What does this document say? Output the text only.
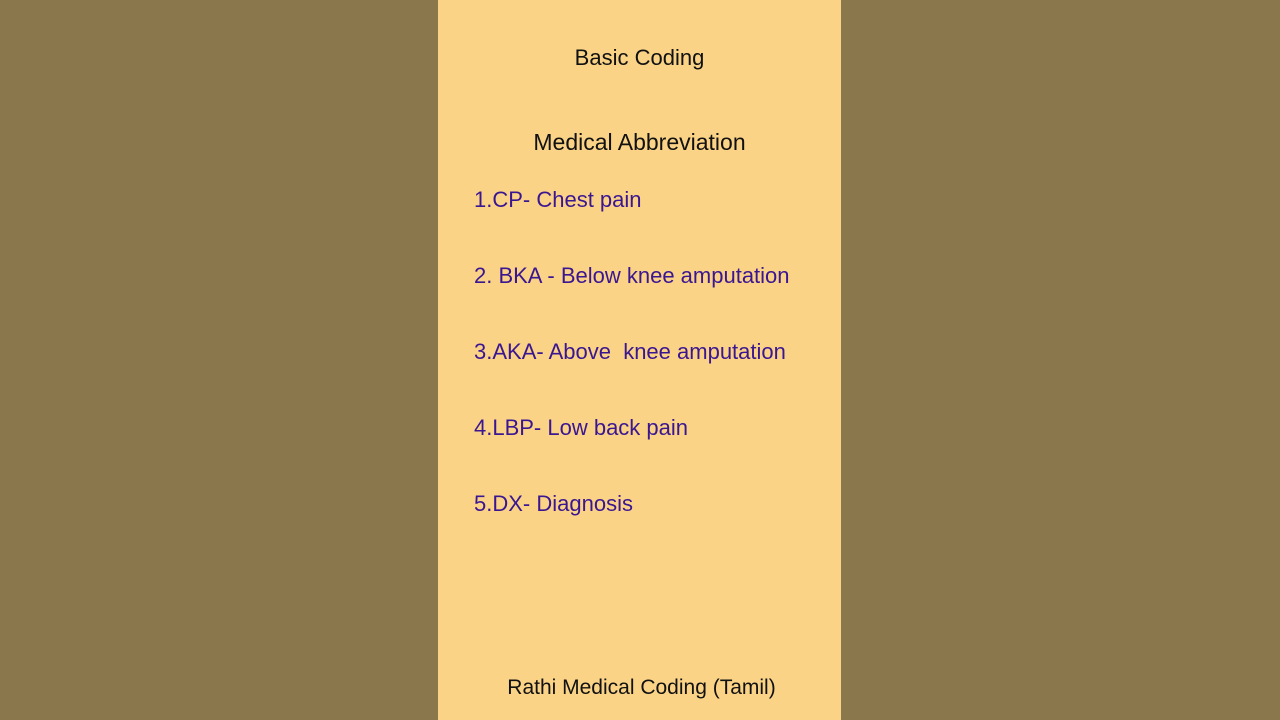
Basic Coding
Medical Abbreviation
1.CP- Chest pain
2. BKA - Below knee amputation
3.AKA- Above  knee amputation
4.LBP- Low back pain
5.DX- Diagnosis
Rathi Medical Coding (Tamil)
